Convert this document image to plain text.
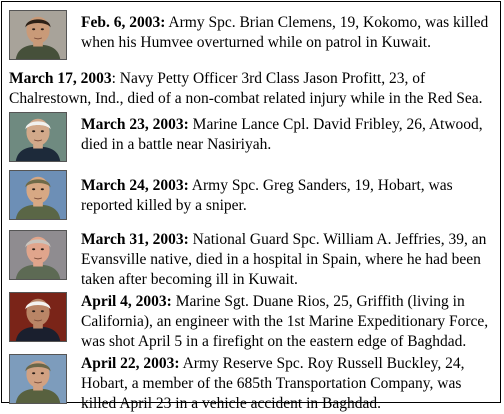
Feb. 6, 2003: Army Spc. Brian Clemens, 19, Kokomo, was killed when his Humvee overturned while on patrol in Kuwait.
March 17, 2003: Navy Petty Officer 3rd Class Jason Profitt, 23, of Chalrestown, Ind., died of a non-combat related injury while in the Red Sea.
March 23, 2003: Marine Lance Cpl. David Fribley, 26, Atwood, died in a battle near Nasiriyah.
March 24, 2003: Army Spc. Greg Sanders, 19, Hobart, was reported killed by a sniper.
March 31, 2003: National Guard Spc. William A. Jeffries, 39, an Evansville native, died in a hospital in Spain, where he had been taken after becoming ill in Kuwait.
April 4, 2003: Marine Sgt. Duane Rios, 25, Griffith (living in California), an engineer with the 1st Marine Expeditionary Force, was shot April 5 in a firefight on the eastern edge of Baghdad.
April 22, 2003: Army Reserve Spc. Roy Russell Buckley, 24, Hobart, a member of the 685th Transportation Company, was killed April 23 in a vehicle accident in Baghdad.
